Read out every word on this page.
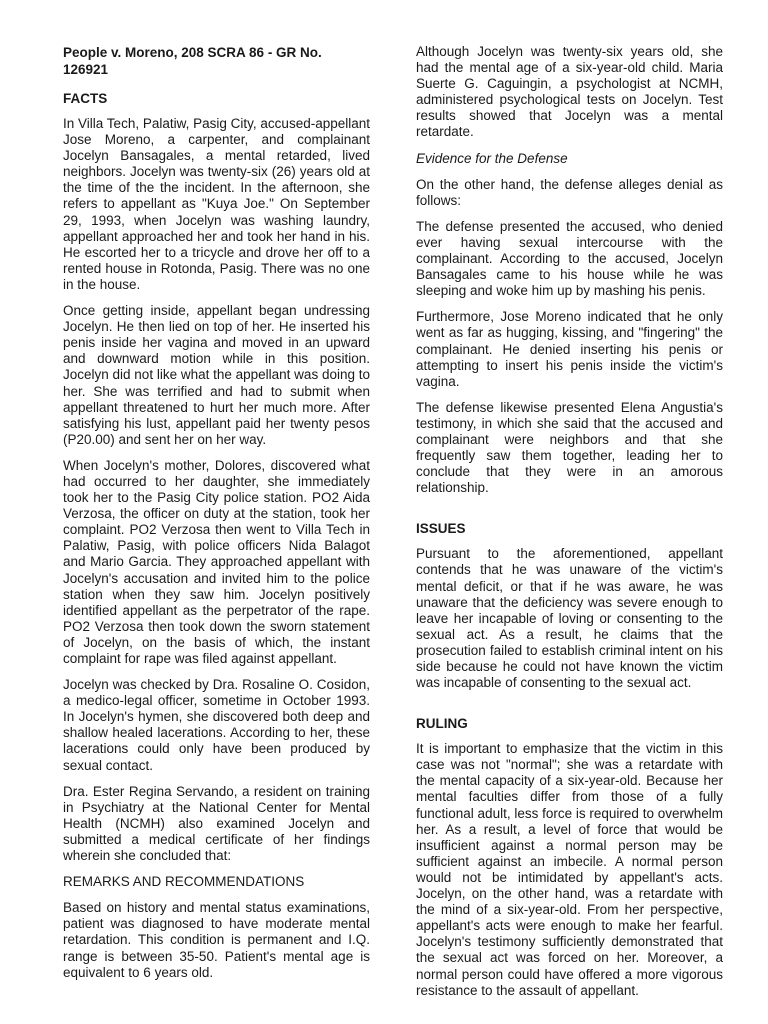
People v. Moreno, 208 SCRA 86 - GR No. 126921
FACTS

In Villa Tech, Palatiw, Pasig City, accused-appellant Jose Moreno, a carpenter, and complainant Jocelyn Bansagales, a mental retarded, lived neighbors. Jocelyn was twenty-six (26) years old at the time of the the incident. In the afternoon, she refers to appellant as "Kuya Joe." On September 29, 1993, when Jocelyn was washing laundry, appellant approached her and took her hand in his. He escorted her to a tricycle and drove her off to a rented house in Rotonda, Pasig. There was no one in the house.

Once getting inside, appellant began undressing Jocelyn. He then lied on top of her. He inserted his penis inside her vagina and moved in an upward and downward motion while in this position. Jocelyn did not like what the appellant was doing to her. She was terrified and had to submit when appellant threatened to hurt her much more. After satisfying his lust, appellant paid her twenty pesos (P20.00) and sent her on her way.

When Jocelyn's mother, Dolores, discovered what had occurred to her daughter, she immediately took her to the Pasig City police station. PO2 Aida Verzosa, the officer on duty at the station, took her complaint. PO2 Verzosa then went to Villa Tech in Palatiw, Pasig, with police officers Nida Balagot and Mario Garcia. They approached appellant with Jocelyn's accusation and invited him to the police station when they saw him. Jocelyn positively identified appellant as the perpetrator of the rape. PO2 Verzosa then took down the sworn statement of Jocelyn, on the basis of which, the instant complaint for rape was filed against appellant.

Jocelyn was checked by Dra. Rosaline O. Cosidon, a medico-legal officer, sometime in October 1993. In Jocelyn's hymen, she discovered both deep and shallow healed lacerations. According to her, these lacerations could only have been produced by sexual contact.

Dra. Ester Regina Servando, a resident on training in Psychiatry at the National Center for Mental Health (NCMH) also examined Jocelyn and submitted a medical certificate of her findings wherein she concluded that:

REMARKS AND RECOMMENDATIONS

Based on history and mental status examinations, patient was diagnosed to have moderate mental retardation. This condition is permanent and I.Q. range is between 35-50. Patient's mental age is equivalent to 6 years old.

Although Jocelyn was twenty-six years old, she had the mental age of a six-year-old child. Maria Suerte G. Caguingin, a psychologist at NCMH, administered psychological tests on Jocelyn. Test results showed that Jocelyn was a mental retardate.

Evidence for the Defense

On the other hand, the defense alleges denial as follows:

The defense presented the accused, who denied ever having sexual intercourse with the complainant. According to the accused, Jocelyn Bansagales came to his house while he was sleeping and woke him up by mashing his penis.

Furthermore, Jose Moreno indicated that he only went as far as hugging, kissing, and "fingering" the complainant. He denied inserting his penis or attempting to insert his penis inside the victim's vagina.

The defense likewise presented Elena Angustia's testimony, in which she said that the accused and complainant were neighbors and that she frequently saw them together, leading her to conclude that they were in an amorous relationship.

ISSUES

Pursuant to the aforementioned, appellant contends that he was unaware of the victim's mental deficit, or that if he was aware, he was unaware that the deficiency was severe enough to leave her incapable of loving or consenting to the sexual act. As a result, he claims that the prosecution failed to establish criminal intent on his side because he could not have known the victim was incapable of consenting to the sexual act.

RULING

It is important to emphasize that the victim in this case was not "normal"; she was a retardate with the mental capacity of a six-year-old. Because her mental faculties differ from those of a fully functional adult, less force is required to overwhelm her. As a result, a level of force that would be insufficient against a normal person may be sufficient against an imbecile. A normal person would not be intimidated by appellant's acts. Jocelyn, on the other hand, was a retardate with the mind of a six-year-old. From her perspective, appellant's acts were enough to make her fearful. Jocelyn's testimony sufficiently demonstrated that the sexual act was forced on her. Moreover, a normal person could have offered a more vigorous resistance to the assault of appellant.
